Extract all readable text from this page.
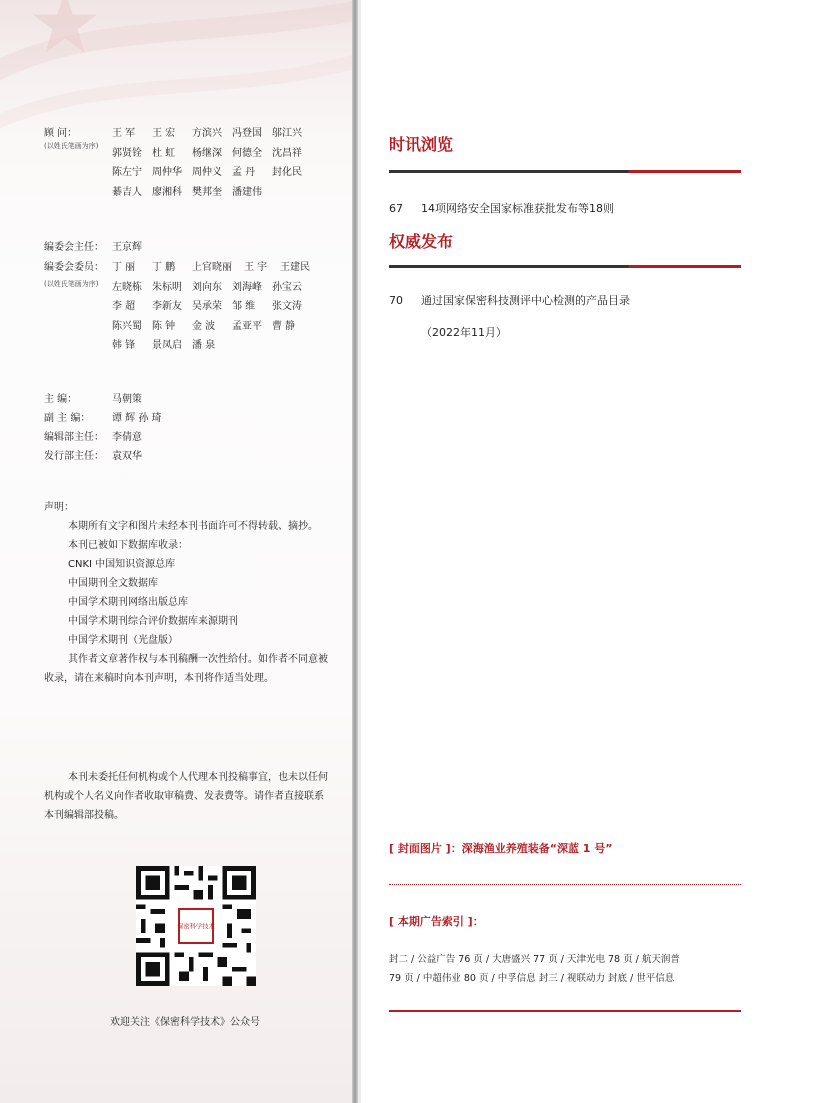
顾 问：
(以姓氏笔画为序)
王 军 王 宏 方滨兴 冯登国 邬江兴
郭贤铨 杜 虹 杨继深 何德全 沈昌祥
陈左宁 周仲华 周仲义 孟 丹 封化民
綦吉人 廖湘科 樊邦奎 潘建伟
编委会主任： 王京辉
编委会委员：
(以姓氏笔画为序)
丁 丽 丁 鹏 上官晓丽 王 宇 王建民
左晓栋 朱标明 刘向东 刘海峰 孙宝云
李 超 李新友 吴承荣 邹 维 张文涛
陈兴蜀 陈 钟 金 波 孟亚平 曹 静
韩 锋 景凤启 潘 泉
主 编：	马朝策
副 主 编： 谭 辉 孙 琦
编辑部主任： 李倩意
发行部主任： 袁双华

声明：

本期所有文字和图片未经本刊书面许可不得转载、摘抄。

本刊已被如下数据库收录：

CNKI 中国知识资源总库

中国期刊全文数据库

中国学术期刊网络出版总库

中国学术期刊综合评价数据库来源期刊

中国学术期刊（光盘版）

其作者文章著作权与本刊稿酬一次性给付。如作者不同意被收录，请在来稿时向本刊声明，本刊将作适当处理。

本刊未委托任何机构或个人代理本刊投稿事宜，也未以任何机构或个人名义向作者收取审稿费、发表费等。请作者直接联系本刊编辑部投稿。

保密科学技术
欢迎关注《保密科学技术》公众号
时讯浏览
67 14项网络安全国家标准获批发布等18则
权威发布
70 通过国家保密科技测评中心检测的产品目录
（2022年11月）
[ 封面图片 ]：深海渔业养殖装备“深蓝 1 号”
[ 本期广告索引 ]：
封二 / 公益广告 76 页 / 大唐盛兴 77 页 / 天津光电 78 页 / 航天润普
79 页 / 中超伟业 80 页 / 中孚信息 封三 / 视联动力 封底 / 世平信息
